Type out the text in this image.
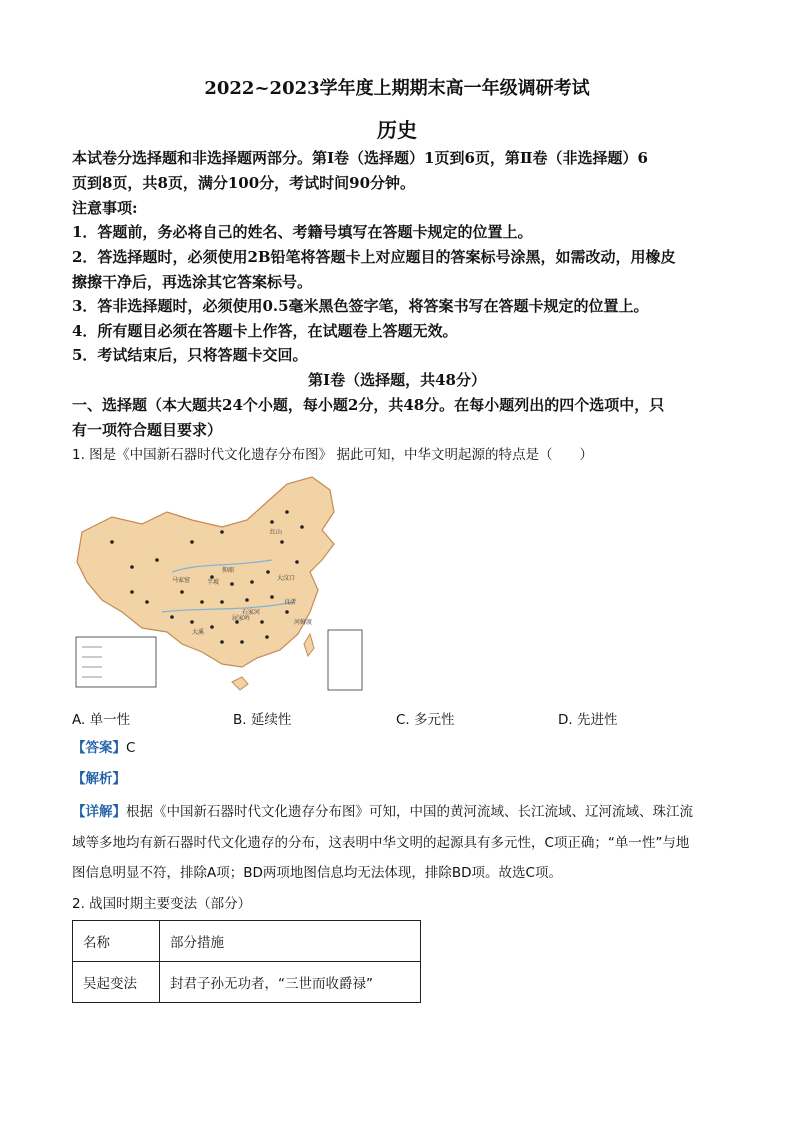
2022~2023学年度上期期末高一年级调研考试
历史
本试卷分选择题和非选择题两部分。第Ⅰ卷（选择题）1页到6页，第Ⅱ卷（非选择题）6
页到8页，共8页，满分100分，考试时间90分钟。
注意事项:
1．答题前，务必将自己的姓名、考籍号填写在答题卡规定的位置上。
2．答选择题时，必须使用2B铅笔将答题卡上对应题目的答案标号涂黑，如需改动，用橡皮
擦擦干净后，再选涂其它答案标号。
3．答非选择题时，必须使用0.5毫米黑色签字笔，将答案书写在答题卡规定的位置上。
4．所有题目必须在答题卡上作答，在试题卷上答题无效。
5．考试结束后，只将答题卡交回。
第Ⅰ卷（选择题，共48分）
一、选择题（本大题共24个小题，每小题2分，共48分。在每小题列出的四个选项中，只
有一项符合题目要求）
1. 图是《中国新石器时代文化遗存分布图》 据此可知，中华文明起源的特点是（　　）
红山
河姆渡
大汶口
仰韶
马家窑
良渚
石家河
屈家岭
大溪
半坡
A. 单一性	B. 延续性	C. 多元性	D. 先进性
【答案】C
【解析】
【详解】根据《中国新石器时代文化遗存分布图》可知，中国的黄河流域、长江流域、辽河流域、珠江流
域等多地均有新石器时代文化遗存的分布，这表明中华文明的起源具有多元性，C项正确；“单一性”与地
图信息明显不符，排除A项；BD两项地图信息均无法体现，排除BD项。故选C项。
2. 战国时期主要变法（部分）
名称	部分措施
吴起变法	封君子孙无功者，“三世而收爵禄”
